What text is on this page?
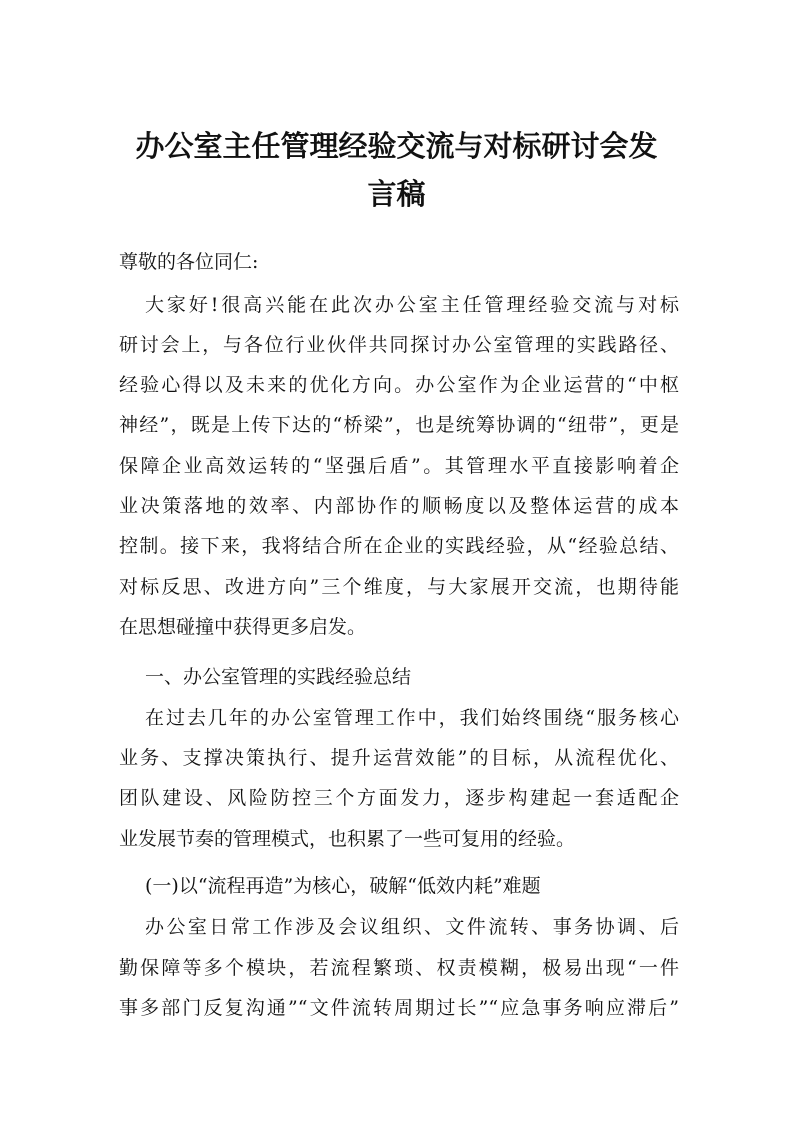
办公室主任管理经验交流与对标研讨会发
言稿
尊敬的各位同仁:
大家好!很高兴能在此次办公室主任管理经验交流与对标
研讨会上，与各位行业伙伴共同探讨办公室管理的实践路径、
经验心得以及未来的优化方向。办公室作为企业运营的“中枢
神经”，既是上传下达的“桥梁”，也是统筹协调的“纽带”，更是
保障企业高效运转的“坚强后盾”。其管理水平直接影响着企
业决策落地的效率、内部协作的顺畅度以及整体运营的成本
控制。接下来，我将结合所在企业的实践经验，从“经验总结、
对标反思、改进方向”三个维度，与大家展开交流，也期待能
在思想碰撞中获得更多启发。
一、办公室管理的实践经验总结
在过去几年的办公室管理工作中，我们始终围绕“服务核心
业务、支撑决策执行、提升运营效能”的目标，从流程优化、
团队建设、风险防控三个方面发力，逐步构建起一套适配企
业发展节奏的管理模式，也积累了一些可复用的经验。
(一)以“流程再造”为核心，破解“低效内耗”难题
办公室日常工作涉及会议组织、文件流转、事务协调、后
勤保障等多个模块，若流程繁琐、权责模糊，极易出现“一件
事多部门反复沟通”“文件流转周期过长”“应急事务响应滞后”
